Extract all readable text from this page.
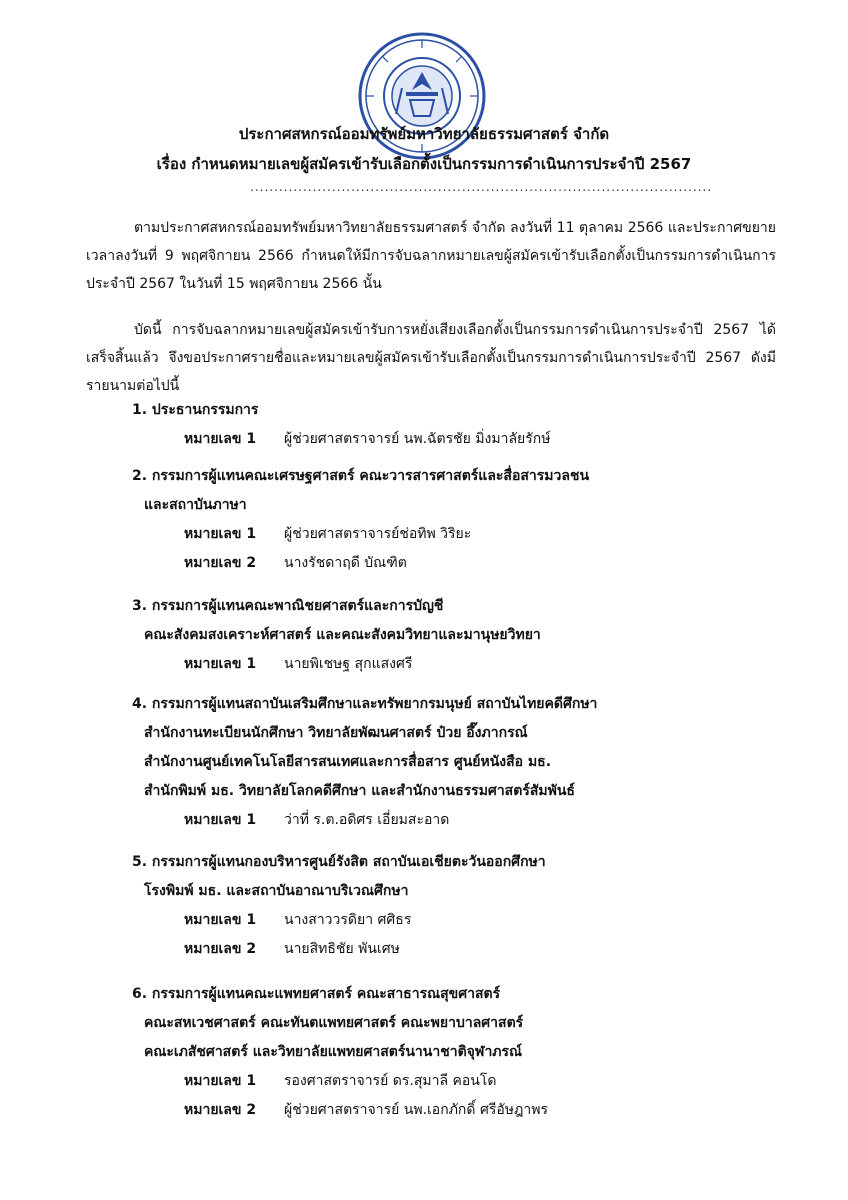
ประกาศสหกรณ์ออมทรัพย์มหาวิทยาลัยธรรมศาสตร์ จำกัด
เรื่อง กำหนดหมายเลขผู้สมัครเข้ารับเลือกตั้งเป็นกรรมการดำเนินการประจำปี 2567
................................................................................................
ตามประกาศสหกรณ์ออมทรัพย์มหาวิทยาลัยธรรมศาสตร์ จำกัด ลงวันที่ 11 ตุลาคม 2566 และประกาศขยายเวลาลงวันที่ 9 พฤศจิกายน 2566 กำหนดให้มีการจับฉลากหมายเลขผู้สมัครเข้ารับเลือกตั้งเป็นกรรมการดำเนินการประจำปี 2567 ในวันที่ 15 พฤศจิกายน 2566 นั้น
บัดนี้ การจับฉลากหมายเลขผู้สมัครเข้ารับการหยั่งเสียงเลือกตั้งเป็นกรรมการดำเนินการประจำปี 2567 ได้เสร็จสิ้นแล้ว จึงขอประกาศรายชื่อและหมายเลขผู้สมัครเข้ารับเลือกตั้งเป็นกรรมการดำเนินการประจำปี 2567 ดังมีรายนามต่อไปนี้
1. ประธานกรรมการ
หมายเลข 1 ผู้ช่วยศาสตราจารย์ นพ.ฉัตรชัย มิ่งมาลัยรักษ์
2. กรรมการผู้แทนคณะเศรษฐศาสตร์ คณะวารสารศาสตร์และสื่อสารมวลชน
และสถาบันภาษา
หมายเลข 1 ผู้ช่วยศาสตราจารย์ช่อทิพ วิริยะ
หมายเลข 2 นางรัชดาฤดี บัณฑิต
3. กรรมการผู้แทนคณะพาณิชยศาสตร์และการบัญชี
คณะสังคมสงเคราะห์ศาสตร์ และคณะสังคมวิทยาและมานุษยวิทยา
หมายเลข 1 นายพิเชษฐ สุกแสงศรี
4. กรรมการผู้แทนสถาบันเสริมศึกษาและทรัพยากรมนุษย์ สถาบันไทยคดีศึกษา
สำนักงานทะเบียนนักศึกษา วิทยาลัยพัฒนศาสตร์ ป๋วย อึ๊งภากรณ์
สำนักงานศูนย์เทคโนโลยีสารสนเทศและการสื่อสาร ศูนย์หนังสือ มธ.
สำนักพิมพ์ มธ. วิทยาลัยโลกคดีศึกษา และสำนักงานธรรมศาสตร์สัมพันธ์
หมายเลข 1 ว่าที่ ร.ต.อดิศร เอี่ยมสะอาด
5. กรรมการผู้แทนกองบริหารศูนย์รังสิต สถาบันเอเชียตะวันออกศึกษา
โรงพิมพ์ มธ. และสถาบันอาณาบริเวณศึกษา
หมายเลข 1 นางสาววรดิยา ศศิธร
หมายเลข 2 นายสิทธิชัย พันเศษ
6. กรรมการผู้แทนคณะแพทยศาสตร์ คณะสาธารณสุขศาสตร์
คณะสหเวชศาสตร์ คณะทันตแพทยศาสตร์ คณะพยาบาลศาสตร์
คณะเภสัชศาสตร์ และวิทยาลัยแพทยศาสตร์นานาชาติจุฬาภรณ์
หมายเลข 1 รองศาสตราจารย์ ดร.สุมาลี คอนโด
หมายเลข 2 ผู้ช่วยศาสตราจารย์ นพ.เอกภักดิ์ ศรีอัษฎาพร
